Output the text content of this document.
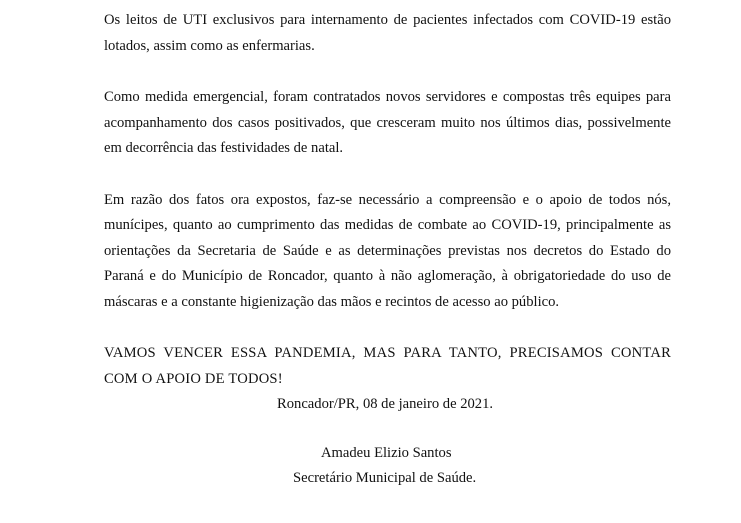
Os leitos de UTI exclusivos para internamento de pacientes infectados com COVID-19 estão
lotados, assim como as enfermarias.

Como medida emergencial, foram contratados novos servidores e compostas três equipes para
acompanhamento dos casos positivados, que cresceram muito nos últimos dias, possivelmente
em decorrência das festividades de natal.

Em razão dos fatos ora expostos, faz-se necessário a compreensão e o apoio de todos nós,
munícipes, quanto ao cumprimento das medidas de combate ao COVID-19, principalmente as
orientações da Secretaria de Saúde e as determinações previstas nos decretos do Estado do
Paraná e do Município de Roncador, quanto à não aglomeração, à obrigatoriedade do uso de
máscaras e a constante higienização das mãos e recintos de acesso ao público.

VAMOS VENCER ESSA PANDEMIA, MAS PARA TANTO, PRECISAMOS CONTAR
COM O APOIO DE TODOS!

Roncador/PR, 08 de janeiro de 2021.
Amadeu Elizio Santos
Secretário Municipal de Saúde.
